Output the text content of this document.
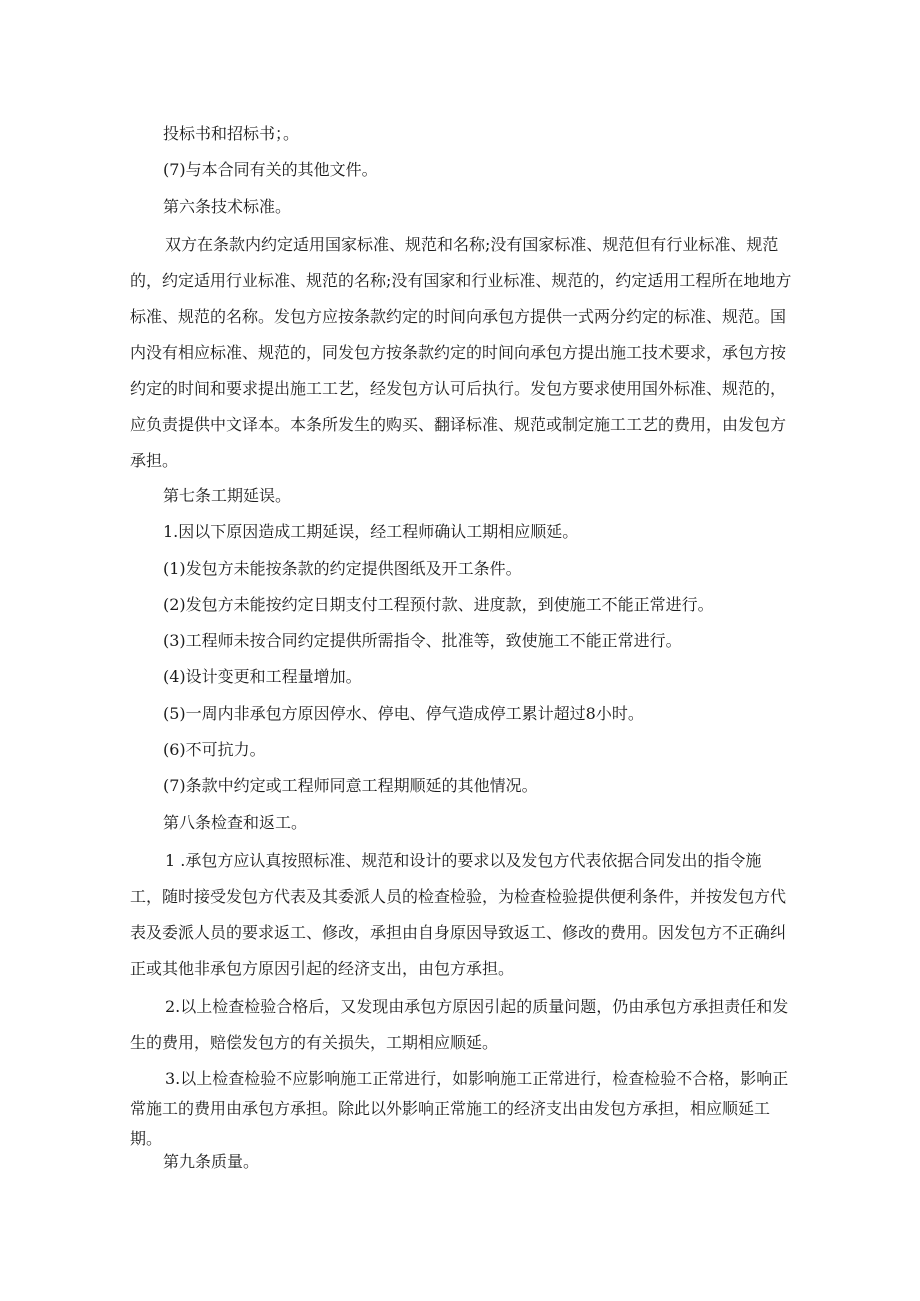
投标书和招标书；。
(7)与本合同有关的其他文件。
第六条技术标准。

双方在条款内约定适用国家标准、规范和名称;没有国家标准、规范但有行业标准、规范的，约定适用行业标准、规范的名称;没有国家和行业标准、规范的，约定适用工程所在地地方标准、规范的名称。发包方应按条款约定的时间向承包方提供一式两分约定的标准、规范。国内没有相应标准、规范的，同发包方按条款约定的时间向承包方提出施工技术要求，承包方按约定的时间和要求提出施工工艺，经发包方认可后执行。发包方要求使用国外标准、规范的，应负责提供中文译本。本条所发生的购买、翻译标准、规范或制定施工工艺的费用，由发包方承担。

第七条工期延误。
1.因以下原因造成工期延误，经工程师确认工期相应顺延。
(1)发包方未能按条款的约定提供图纸及开工条件。
(2)发包方未能按约定日期支付工程预付款、进度款，到使施工不能正常进行。
(3)工程师未按合同约定提供所需指令、批准等，致使施工不能正常进行。
(4)设计变更和工程量增加。
(5)一周内非承包方原因停水、停电、停气造成停工累计超过8小时。
(6)不可抗力。
(7)条款中约定或工程师同意工程期顺延的其他情况。
第八条检查和返工。

1 .承包方应认真按照标准、规范和设计的要求以及发包方代表依据合同发出的指令施工，随时接受发包方代表及其委派人员的检查检验，为检查检验提供便利条件，并按发包方代表及委派人员的要求返工、修改，承担由自身原因导致返工、修改的费用。因发包方不正确纠正或其他非承包方原因引起的经济支出，由包方承担。

2.以上检查检验合格后，又发现由承包方原因引起的质量问题，仍由承包方承担责任和发生的费用，赔偿发包方的有关损失，工期相应顺延。

3.以上检查检验不应影响施工正常进行，如影响施工正常进行，检查检验不合格，影响正常施工的费用由承包方承担。除此以外影响正常施工的经济支出由发包方承担，相应顺延工期。

第九条质量。
